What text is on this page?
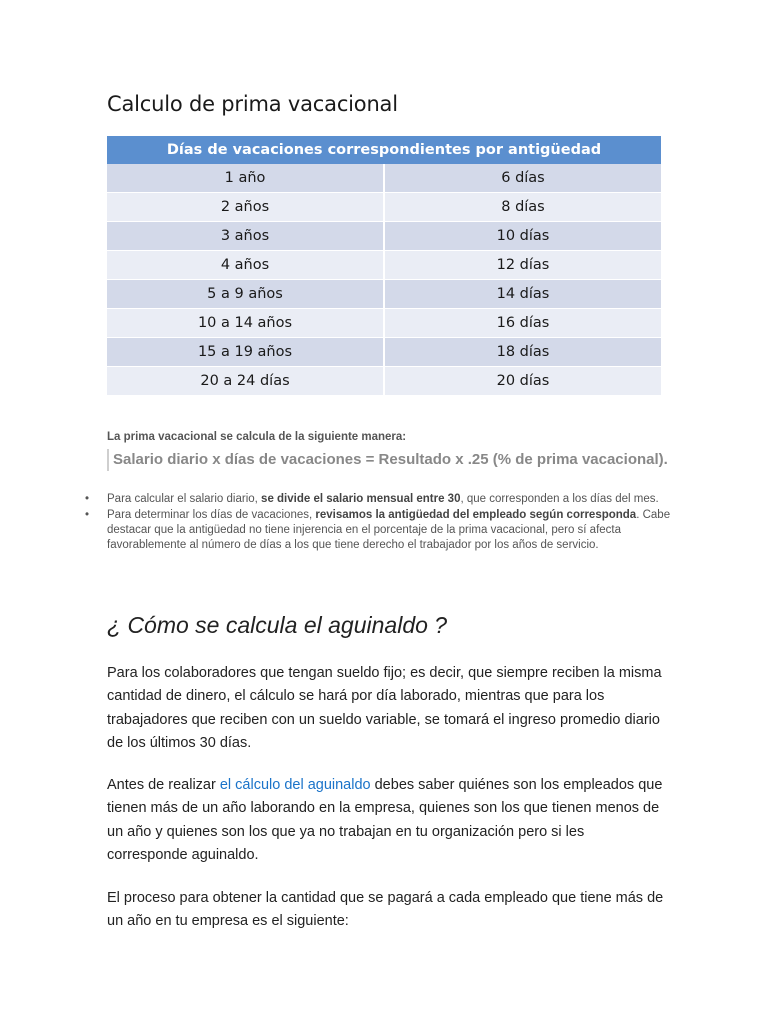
Calculo de prima vacacional
Días de vacaciones correspondientes por antigüedad	
1 año	6 días
2 años	8 días
3 años	10 días
4 años	12 días
5 a 9 años	14 días
10 a 14 años	16 días
15 a 19 años	18 días
20 a 24 días	20 días

La prima vacacional se calcula de la siguiente manera:

Salario diario x días de vacaciones = Resultado x .25 (% de prima vacacional).

• Para calcular el salario diario, se divide el salario mensual entre 30, que corresponden a los días del mes.
• Para determinar los días de vacaciones, revisamos la antigüedad del empleado según corresponda. Cabe destacar que la antigüedad no tiene injerencia en el porcentaje de la prima vacacional, pero sí afecta favorablemente al número de días a los que tiene derecho el trabajador por los años de servicio.
¿ Cómo se calcula el aguinaldo ?

Para los colaboradores que tengan sueldo fijo; es decir, que siempre reciben la misma cantidad de dinero, el cálculo se hará por día laborado, mientras que para los trabajadores que reciben con un sueldo variable, se tomará el ingreso promedio diario de los últimos 30 días.

Antes de realizar el cálculo del aguinaldo debes saber quiénes son los empleados que tienen más de un año laborando en la empresa, quienes son los que tienen menos de un año y quienes son los que ya no trabajan en tu organización pero si les corresponde aguinaldo.

El proceso para obtener la cantidad que se pagará a cada empleado que tiene más de un año en tu empresa es el siguiente:
